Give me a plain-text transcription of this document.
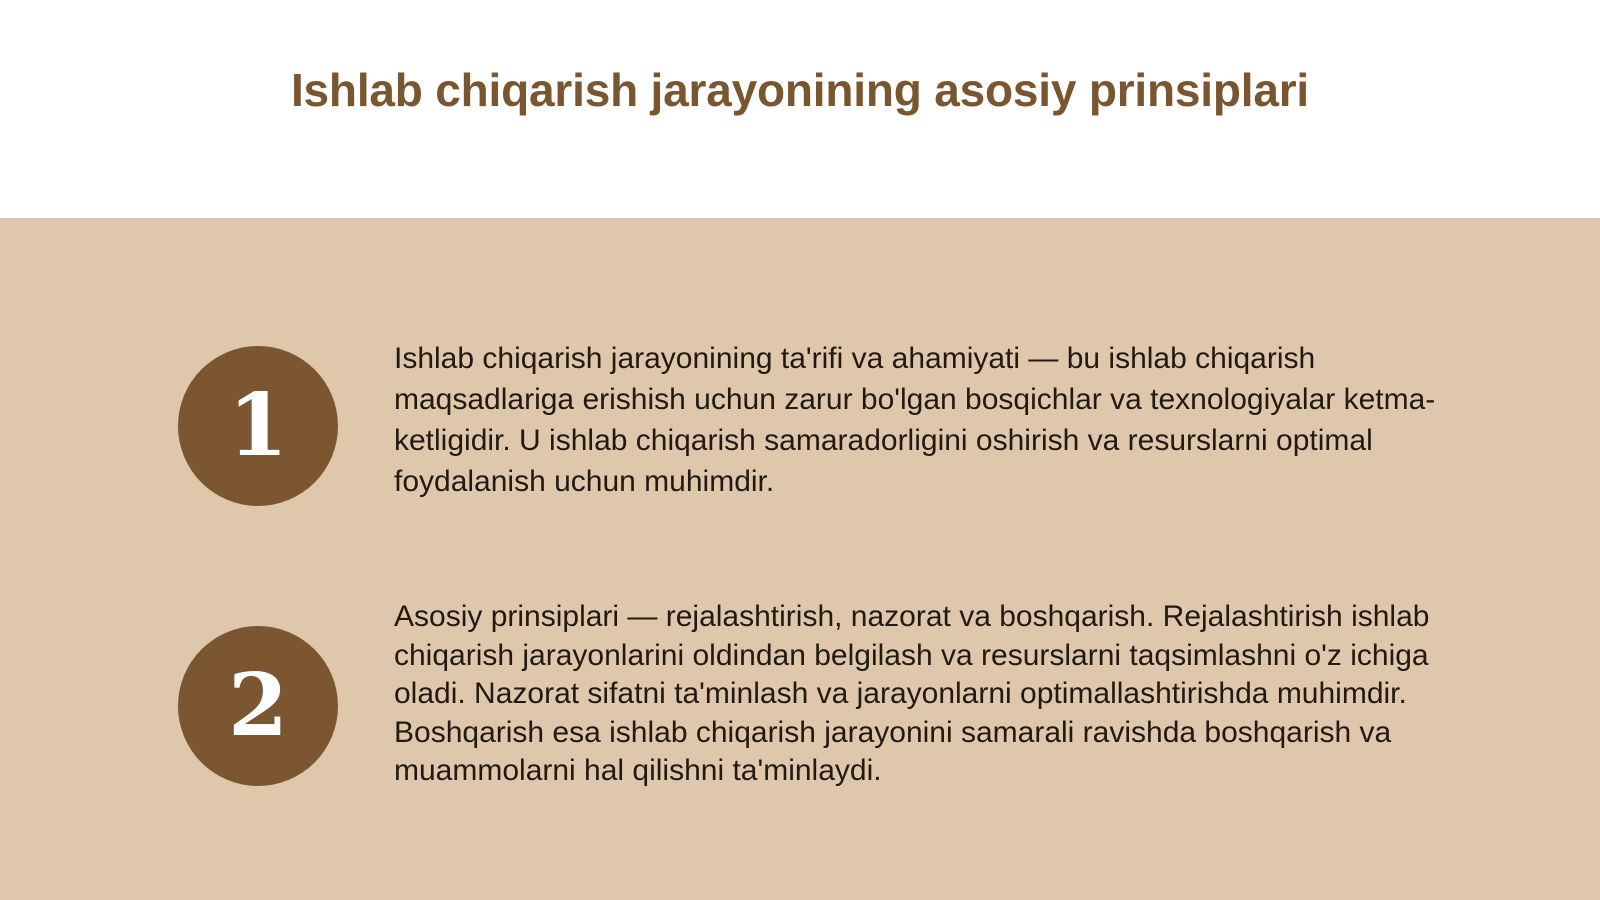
Ishlab chiqarish jarayonining asosiy prinsiplari
1

Ishlab chiqarish jarayonining ta'rifi va ahamiyati — bu ishlab chiqarish maqsadlariga erishish uchun zarur bo'lgan bosqichlar va texnologiyalar ketma-ketligidir. U ishlab chiqarish samaradorligini oshirish va resurslarni optimal foydalanish uchun muhimdir.

2

Asosiy prinsiplari — rejalashtirish, nazorat va boshqarish. Rejalashtirish ishlab chiqarish jarayonlarini oldindan belgilash va resurslarni taqsimlashni o'z ichiga oladi. Nazorat sifatni ta'minlash va jarayonlarni optimallashtirishda muhimdir. Boshqarish esa ishlab chiqarish jarayonini samarali ravishda boshqarish va muammolarni hal qilishni ta'minlaydi.
